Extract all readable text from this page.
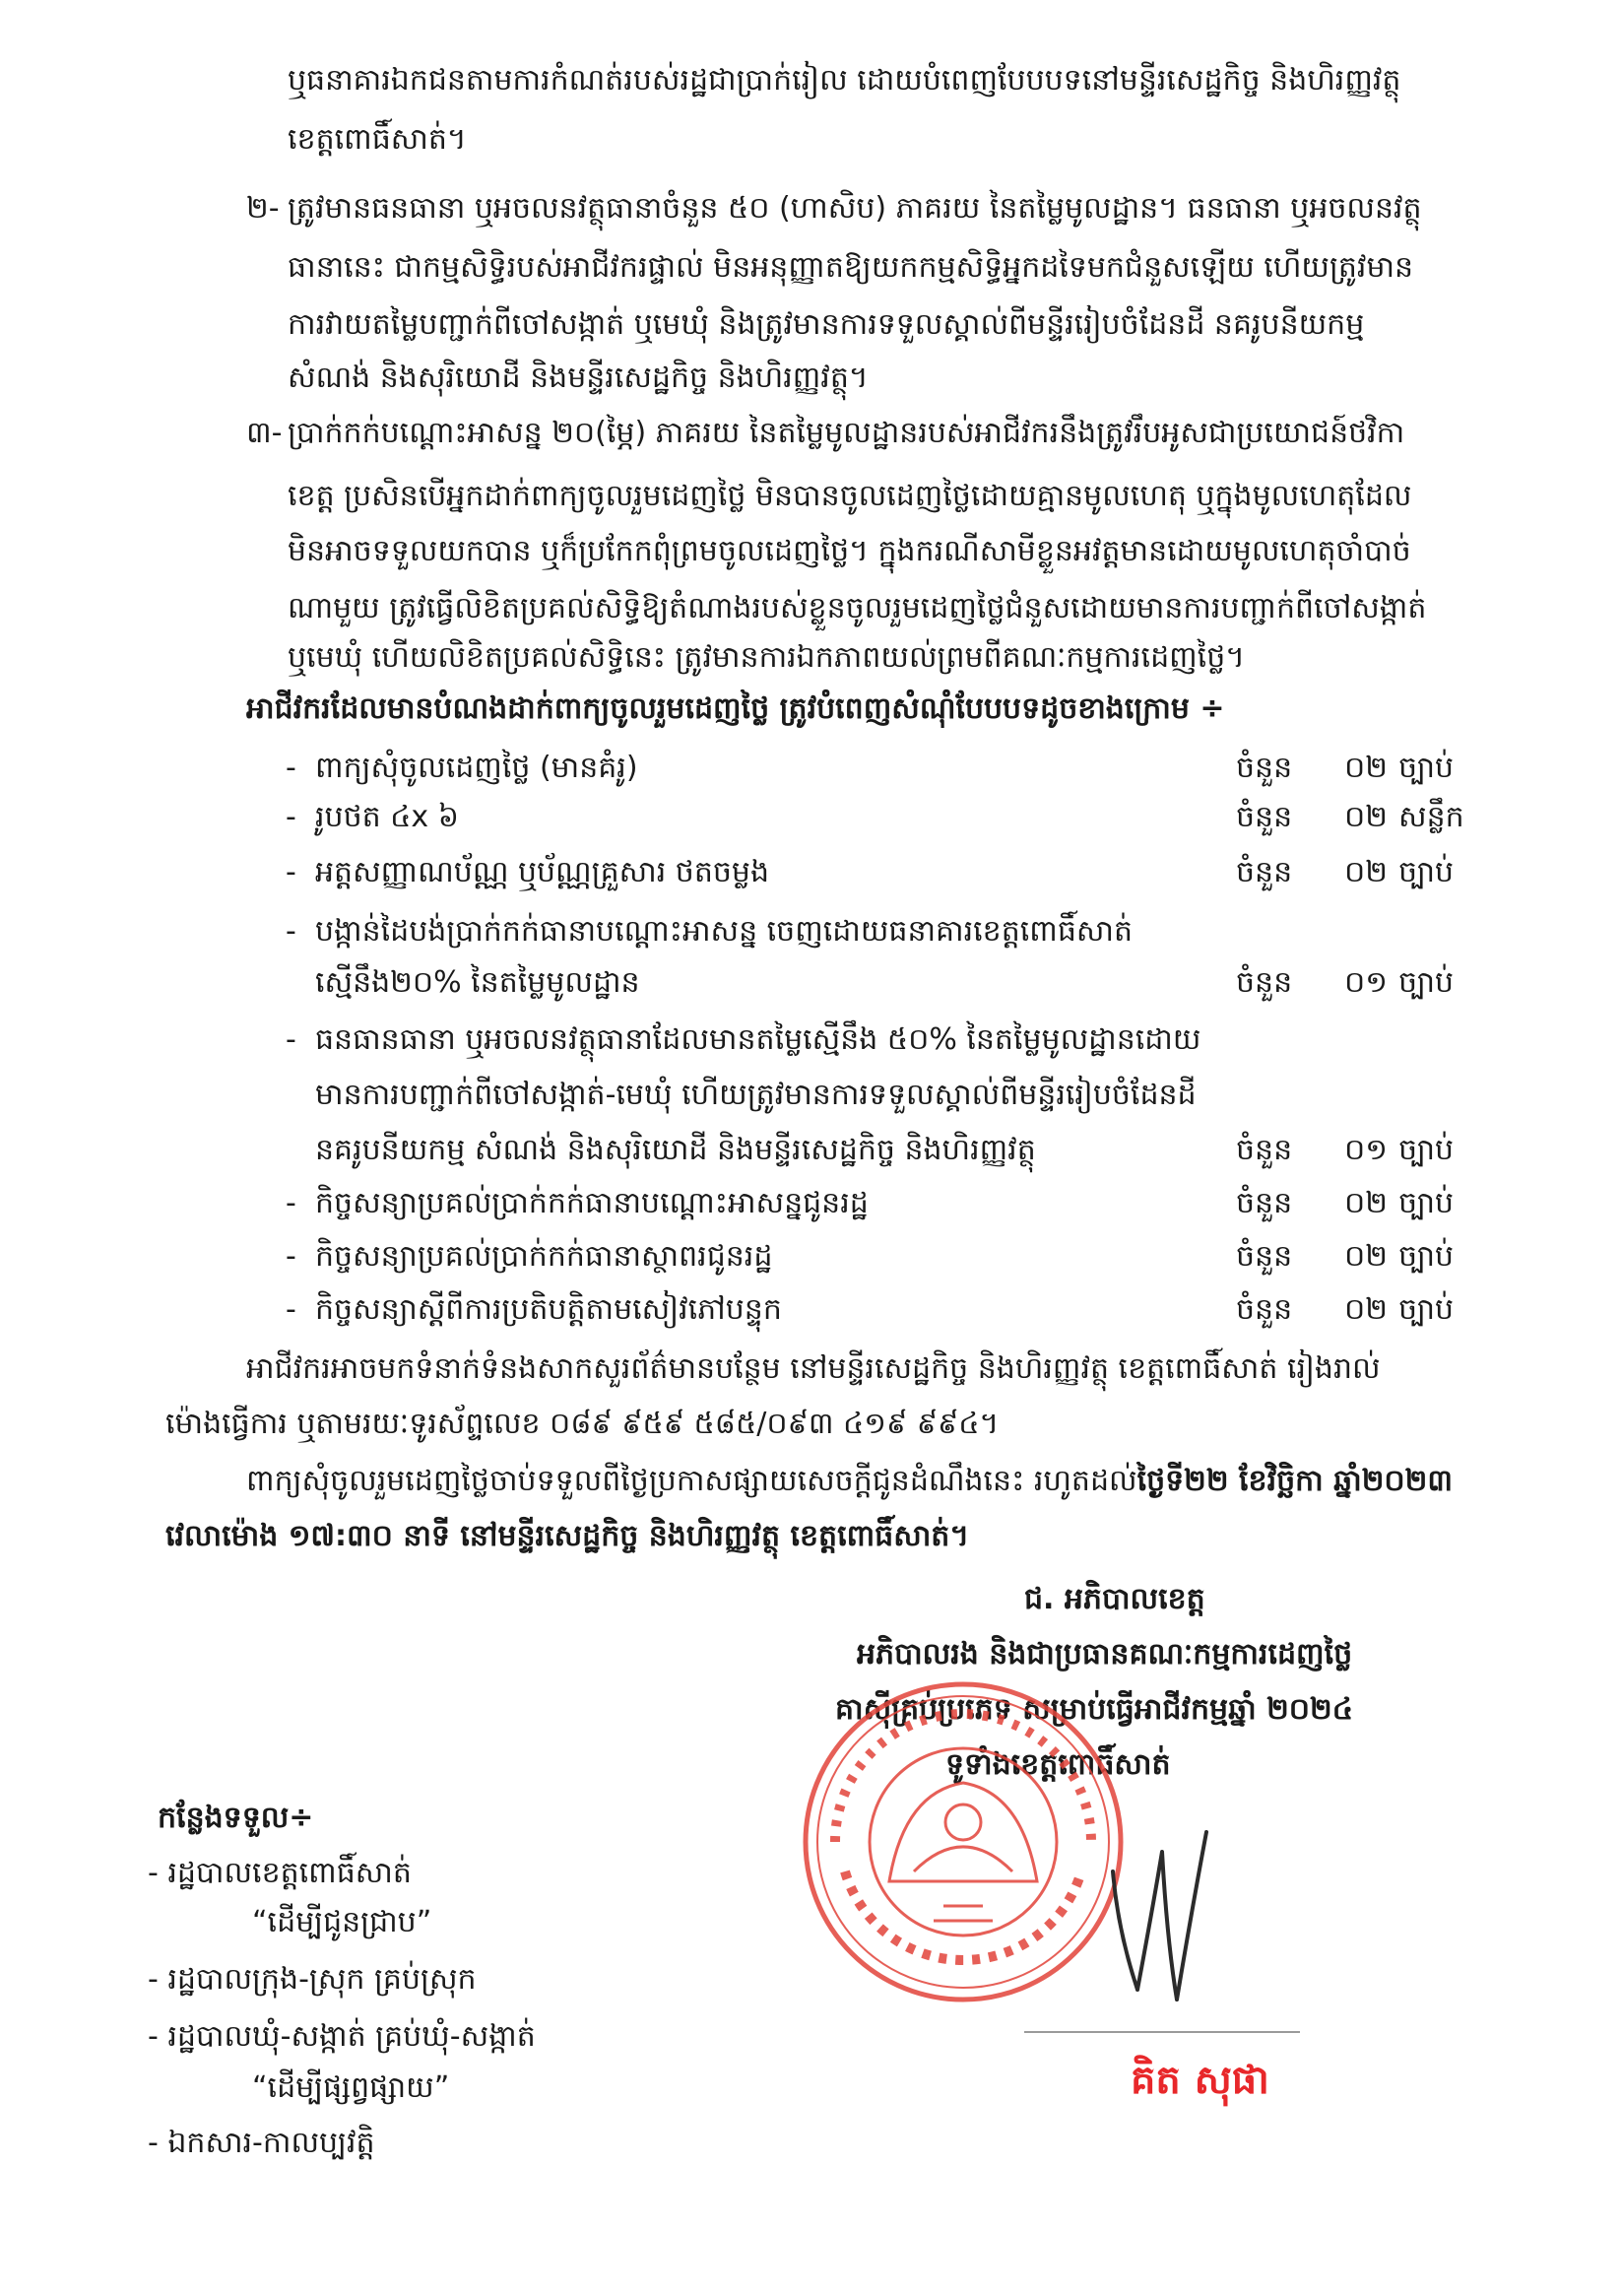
ឬធនាគារឯកជនតាមការកំណត់របស់រដ្ឋជាប្រាក់រៀល ដោយបំពេញបែបបទនៅមន្ទីរសេដ្ឋកិច្ច និងហិរញ្ញវត្ថុ
ខេត្តពោធិ៍សាត់។
២- ត្រូវមានធនធានា ឬអចលនវត្ថុធានាចំនួន ៥០ (ហាសិប) ភាគរយ នៃតម្លៃមូលដ្ឋាន។ ធនធានា ឬអចលនវត្ថុ
ធានានេះ ជាកម្មសិទ្ធិរបស់អាជីវករផ្ទាល់ មិនអនុញ្ញាតឱ្យយកកម្មសិទ្ធិអ្នកដទៃមកជំនួសឡើយ ហើយត្រូវមាន
ការវាយតម្លៃបញ្ជាក់ពីចៅសង្កាត់ ឬមេឃុំ និងត្រូវមានការទទួលស្គាល់ពីមន្ទីររៀបចំដែនដី នគរូបនីយកម្ម
សំណង់ និងសុរិយោដី និងមន្ទីរសេដ្ឋកិច្ច និងហិរញ្ញវត្ថុ។
៣- ប្រាក់កក់បណ្តោះអាសន្ន ២០(ម្ភៃ) ភាគរយ នៃតម្លៃមូលដ្ឋានរបស់អាជីវករនឹងត្រូវរឹបអូសជាប្រយោជន៍ថវិកា
ខេត្ត ប្រសិនបើអ្នកដាក់ពាក្យចូលរួមដេញថ្លៃ មិនបានចូលដេញថ្លៃដោយគ្មានមូលហេតុ ឬក្នុងមូលហេតុដែល
មិនអាចទទួលយកបាន ឬក៏ប្រកែកពុំព្រមចូលដេញថ្លៃ។ ក្នុងករណីសាមីខ្លួនអវត្តមានដោយមូលហេតុចាំបាច់
ណាមួយ ត្រូវធ្វើលិខិតប្រគល់សិទ្ធិឱ្យតំណាងរបស់ខ្លួនចូលរួមដេញថ្លៃជំនួសដោយមានការបញ្ជាក់ពីចៅសង្កាត់
ឬមេឃុំ ហើយលិខិតប្រគល់សិទ្ធិនេះ ត្រូវមានការឯកភាពយល់ព្រមពីគណៈកម្មការដេញថ្លៃ។
អាជីវករដែលមានបំណងដាក់ពាក្យចូលរួមដេញថ្លៃ ត្រូវបំពេញសំណុំបែបបទដូចខាងក្រោម ÷
- ពាក្យសុំចូលដេញថ្លៃ (មានគំរូ)	ចំនួន ០២ ច្បាប់
- រូបថត ៤x ៦	ចំនួន ០២ សន្លឹក
- អត្តសញ្ញាណប័ណ្ណ ឬប័ណ្ណគ្រួសារ ថតចម្លង	ចំនួន ០២ ច្បាប់
- បង្កាន់ដៃបង់ប្រាក់កក់ធានាបណ្តោះអាសន្ន ចេញដោយធនាគារខេត្តពោធិ៍សាត់
ស្មើនឹង២០% នៃតម្លៃមូលដ្ឋាន	ចំនួន ០១ ច្បាប់
- ធនធានធានា ឬអចលនវត្ថុធានាដែលមានតម្លៃស្មើនឹង ៥០% នៃតម្លៃមូលដ្ឋានដោយ
មានការបញ្ជាក់ពីចៅសង្កាត់-មេឃុំ ហើយត្រូវមានការទទួលស្គាល់ពីមន្ទីររៀបចំដែនដី
នគរូបនីយកម្ម សំណង់ និងសុរិយោដី និងមន្ទីរសេដ្ឋកិច្ច និងហិរញ្ញវត្ថុ	ចំនួន ០១ ច្បាប់
- កិច្ចសន្យាប្រគល់ប្រាក់កក់ធានាបណ្តោះអាសន្នជូនរដ្ឋ	ចំនួន ០២ ច្បាប់
- កិច្ចសន្យាប្រគល់ប្រាក់កក់ធានាស្ថាពរជូនរដ្ឋ	ចំនួន ០២ ច្បាប់
- កិច្ចសន្យាស្តីពីការប្រតិបត្តិតាមសៀវភៅបន្ទុក	ចំនួន ០២ ច្បាប់
អាជីវករអាចមកទំនាក់ទំនងសាកសួរព័ត៌មានបន្ថែម នៅមន្ទីរសេដ្ឋកិច្ច និងហិរញ្ញវត្ថុ ខេត្តពោធិ៍សាត់ រៀងរាល់
ម៉ោងធ្វើការ ឬតាមរយៈទូរស័ព្ទលេខ ០៨៩ ៩៥៩ ៥៨៥/០៩៣ ៤១៩ ៩៩៤។
ពាក្យសុំចូលរួមដេញថ្លៃចាប់ទទួលពីថ្ងៃប្រកាសផ្សាយសេចក្តីជូនដំណឹងនេះ រហូតដល់ថ្ងៃទី២២ ខែវិច្ឆិកា ឆ្នាំ២០២៣
វេលាម៉ោង ១៧:៣០ នាទី នៅមន្ទីរសេដ្ឋកិច្ច និងហិរញ្ញវត្ថុ ខេត្តពោធិ៍សាត់។
ជ. អភិបាលខេត្ត
អភិបាលរង និងជាប្រធានគណៈកម្មការដេញថ្លៃ
គាស៊ីគ្រប់ប្រភេទ សម្រាប់ធ្វើអាជីវកម្មឆ្នាំ ២០២៤
ទូទាំងខេត្តពោធិ៍សាត់
គិត សុផា
កន្លែងទទួល÷
- រដ្ឋបាលខេត្តពោធិ៍សាត់
“ដើម្បីជូនជ្រាប”
- រដ្ឋបាលក្រុង-ស្រុក គ្រប់ស្រុក
- រដ្ឋបាលឃុំ-សង្កាត់ គ្រប់ឃុំ-សង្កាត់
“ដើម្បីផ្សព្វផ្សាយ”
- ឯកសារ-កាលប្បវត្តិ
